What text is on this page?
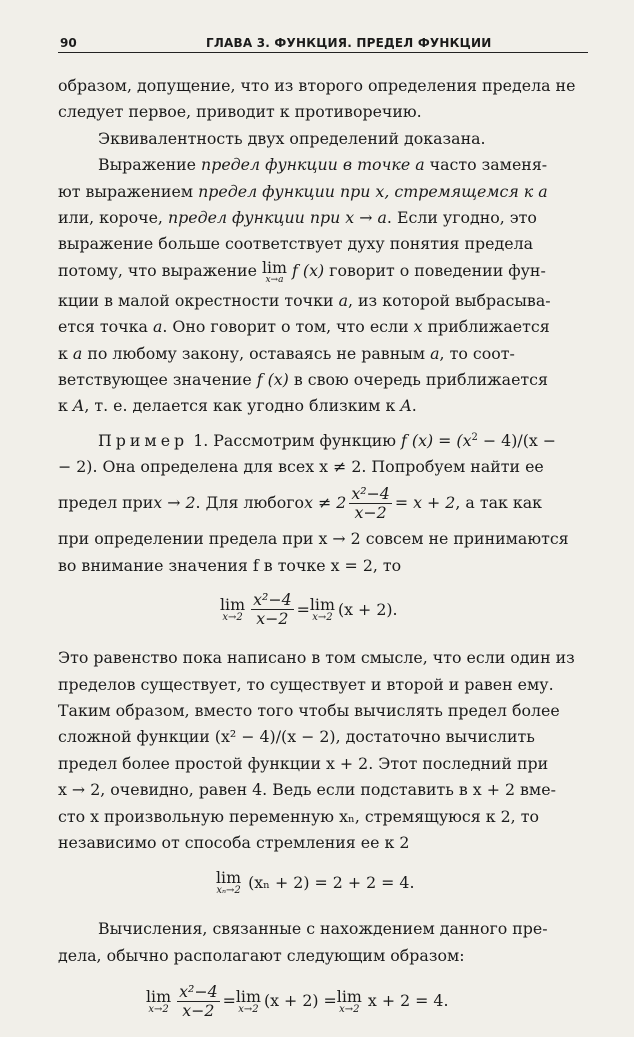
90	ГЛАВА 3. ФУНКЦИЯ. ПРЕДЕЛ ФУНКЦИИ
образом, допущение, что из второго определения предела не
следует первое, приводит к противоречию.
Эквивалентность двух определений доказана.
Выражение предел функции в точке a часто заменя-
ют выражением предел функции при x, стремящемся к a
или, короче, предел функции при x → a. Если угодно, это
выражение больше соответствует духу понятия предела
потому, что выражение lim
x→a f (x) говорит о поведении фун-
кции в малой окрестности точки a, из которой выбрасыва-
ется точка a. Оно говорит о том, что если x приближается
к a по любому закону, оставаясь не равным a, то соот-
ветствующее значение f (x) в свою очередь приближается
к A, т. е. делается как угодно близким к A.
Пример 1. Рассмотрим функцию f $(x) = (x^2 - 4)/(x$ −
− 2). Она определена для всех x ≠ 2. Попробуем найти ее
предел при x → 2 . Для любого $x \ne 2 \frac{\text{x²−4}}{x-2} = x + 2$ , а так как
при определении предела при x → 2 совсем не принимаются
во внимание значения f в точке x = 2, то
lim
$x\to 2 \frac{\text{x²−4}}{x-2} = \lim$
x→2 (x + 2).
Это равенство пока написано в том смысле, что если один из
пределов существует, то существует и второй и равен ему.
Таким образом, вместо того чтобы вычислять предел более
сложной функции (x² − 4)/(x − 2), достаточно вычислить
предел более простой функции x + 2. Этот последний при
x → 2, очевидно, равен 4. Ведь если подставить в x + 2 вме-
сто x произвольную переменную xₙ, стремящуюся к 2, то
независимо от способа стремления ее к 2
lim
xₙ→2 (xₙ + 2) = 2 + 2 = 4.
Вычисления, связанные с нахождением данного пре-
дела, обычно располагают следующим образом:
lim
$x\to 2 \frac{\text{x²−4}}{x-2} = \lim$
x→2 (x + 2) = lim
x→2 x + 2 = 4.
